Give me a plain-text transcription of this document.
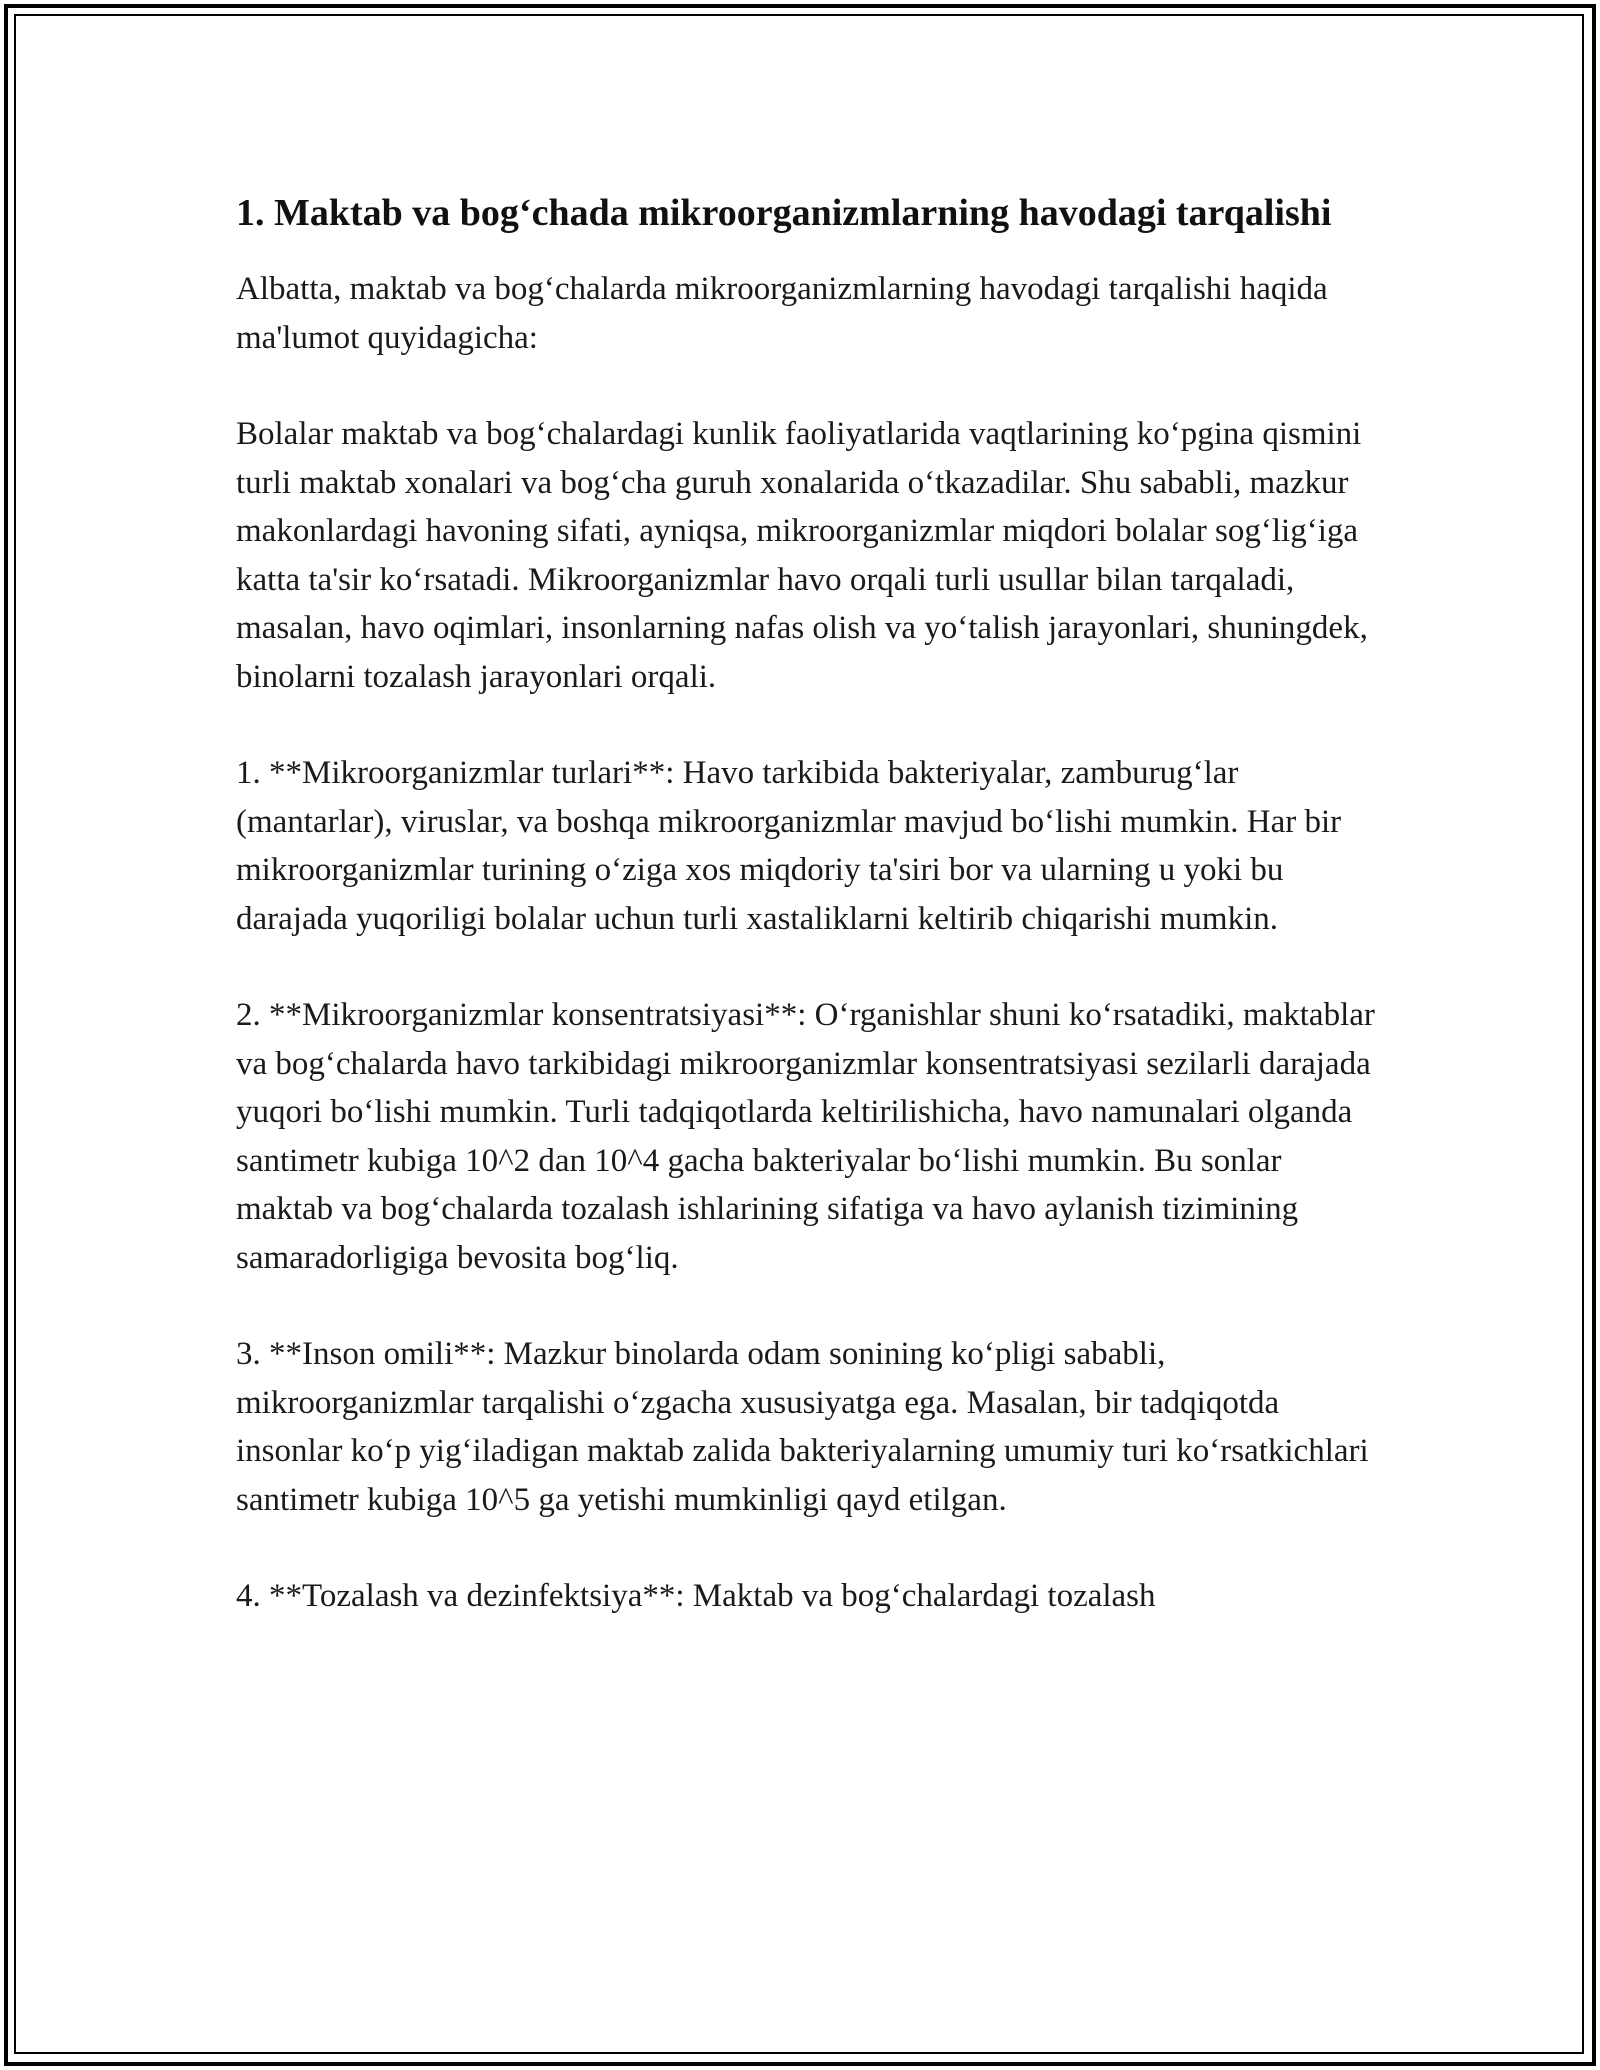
1. Maktab va bog‘chada mikroorganizmlarning havodagi tarqalishi

Albatta, maktab va bog‘chalarda mikroorganizmlarning havodagi tarqalishi haqida ma'lumot quyidagicha:

Bolalar maktab va bog‘chalardagi kunlik faoliyatlarida vaqtlarining ko‘pgina qismini turli maktab xonalari va bog‘cha guruh xonalarida o‘tkazadilar. Shu sababli, mazkur makonlardagi havoning sifati, ayniqsa, mikroorganizmlar miqdori bolalar sog‘lig‘iga katta ta'sir ko‘rsatadi. Mikroorganizmlar havo orqali turli usullar bilan tarqaladi, masalan, havo oqimlari, insonlarning nafas olish va yo‘talish jarayonlari, shuningdek, binolarni tozalash jarayonlari orqali.

1. **Mikroorganizmlar turlari**: Havo tarkibida bakteriyalar, zamburug‘lar (mantarlar), viruslar, va boshqa mikroorganizmlar mavjud bo‘lishi mumkin. Har bir mikroorganizmlar turining o‘ziga xos miqdoriy ta'siri bor va ularning u yoki bu darajada yuqoriligi bolalar uchun turli xastaliklarni keltirib chiqarishi mumkin.

2. **Mikroorganizmlar konsentratsiyasi**: O‘rganishlar shuni ko‘rsatadiki, maktablar va bog‘chalarda havo tarkibidagi mikroorganizmlar konsentratsiyasi sezilarli darajada yuqori bo‘lishi mumkin. Turli tadqiqotlarda keltirilishicha, havo namunalari olganda santimetr kubiga 10^2 dan 10^4 gacha bakteriyalar bo‘lishi mumkin. Bu sonlar maktab va bog‘chalarda tozalash ishlarining sifatiga va havo aylanish tizimining samaradorligiga bevosita bog‘liq.

3. **Inson omili**: Mazkur binolarda odam sonining ko‘pligi sababli, mikroorganizmlar tarqalishi o‘zgacha xususiyatga ega. Masalan, bir tadqiqotda insonlar ko‘p yig‘iladigan maktab zalida bakteriyalarning umumiy turi ko‘rsatkichlari santimetr kubiga 10^5 ga yetishi mumkinligi qayd etilgan.

4. **Tozalash va dezinfektsiya**: Maktab va bog‘chalardagi tozalash
